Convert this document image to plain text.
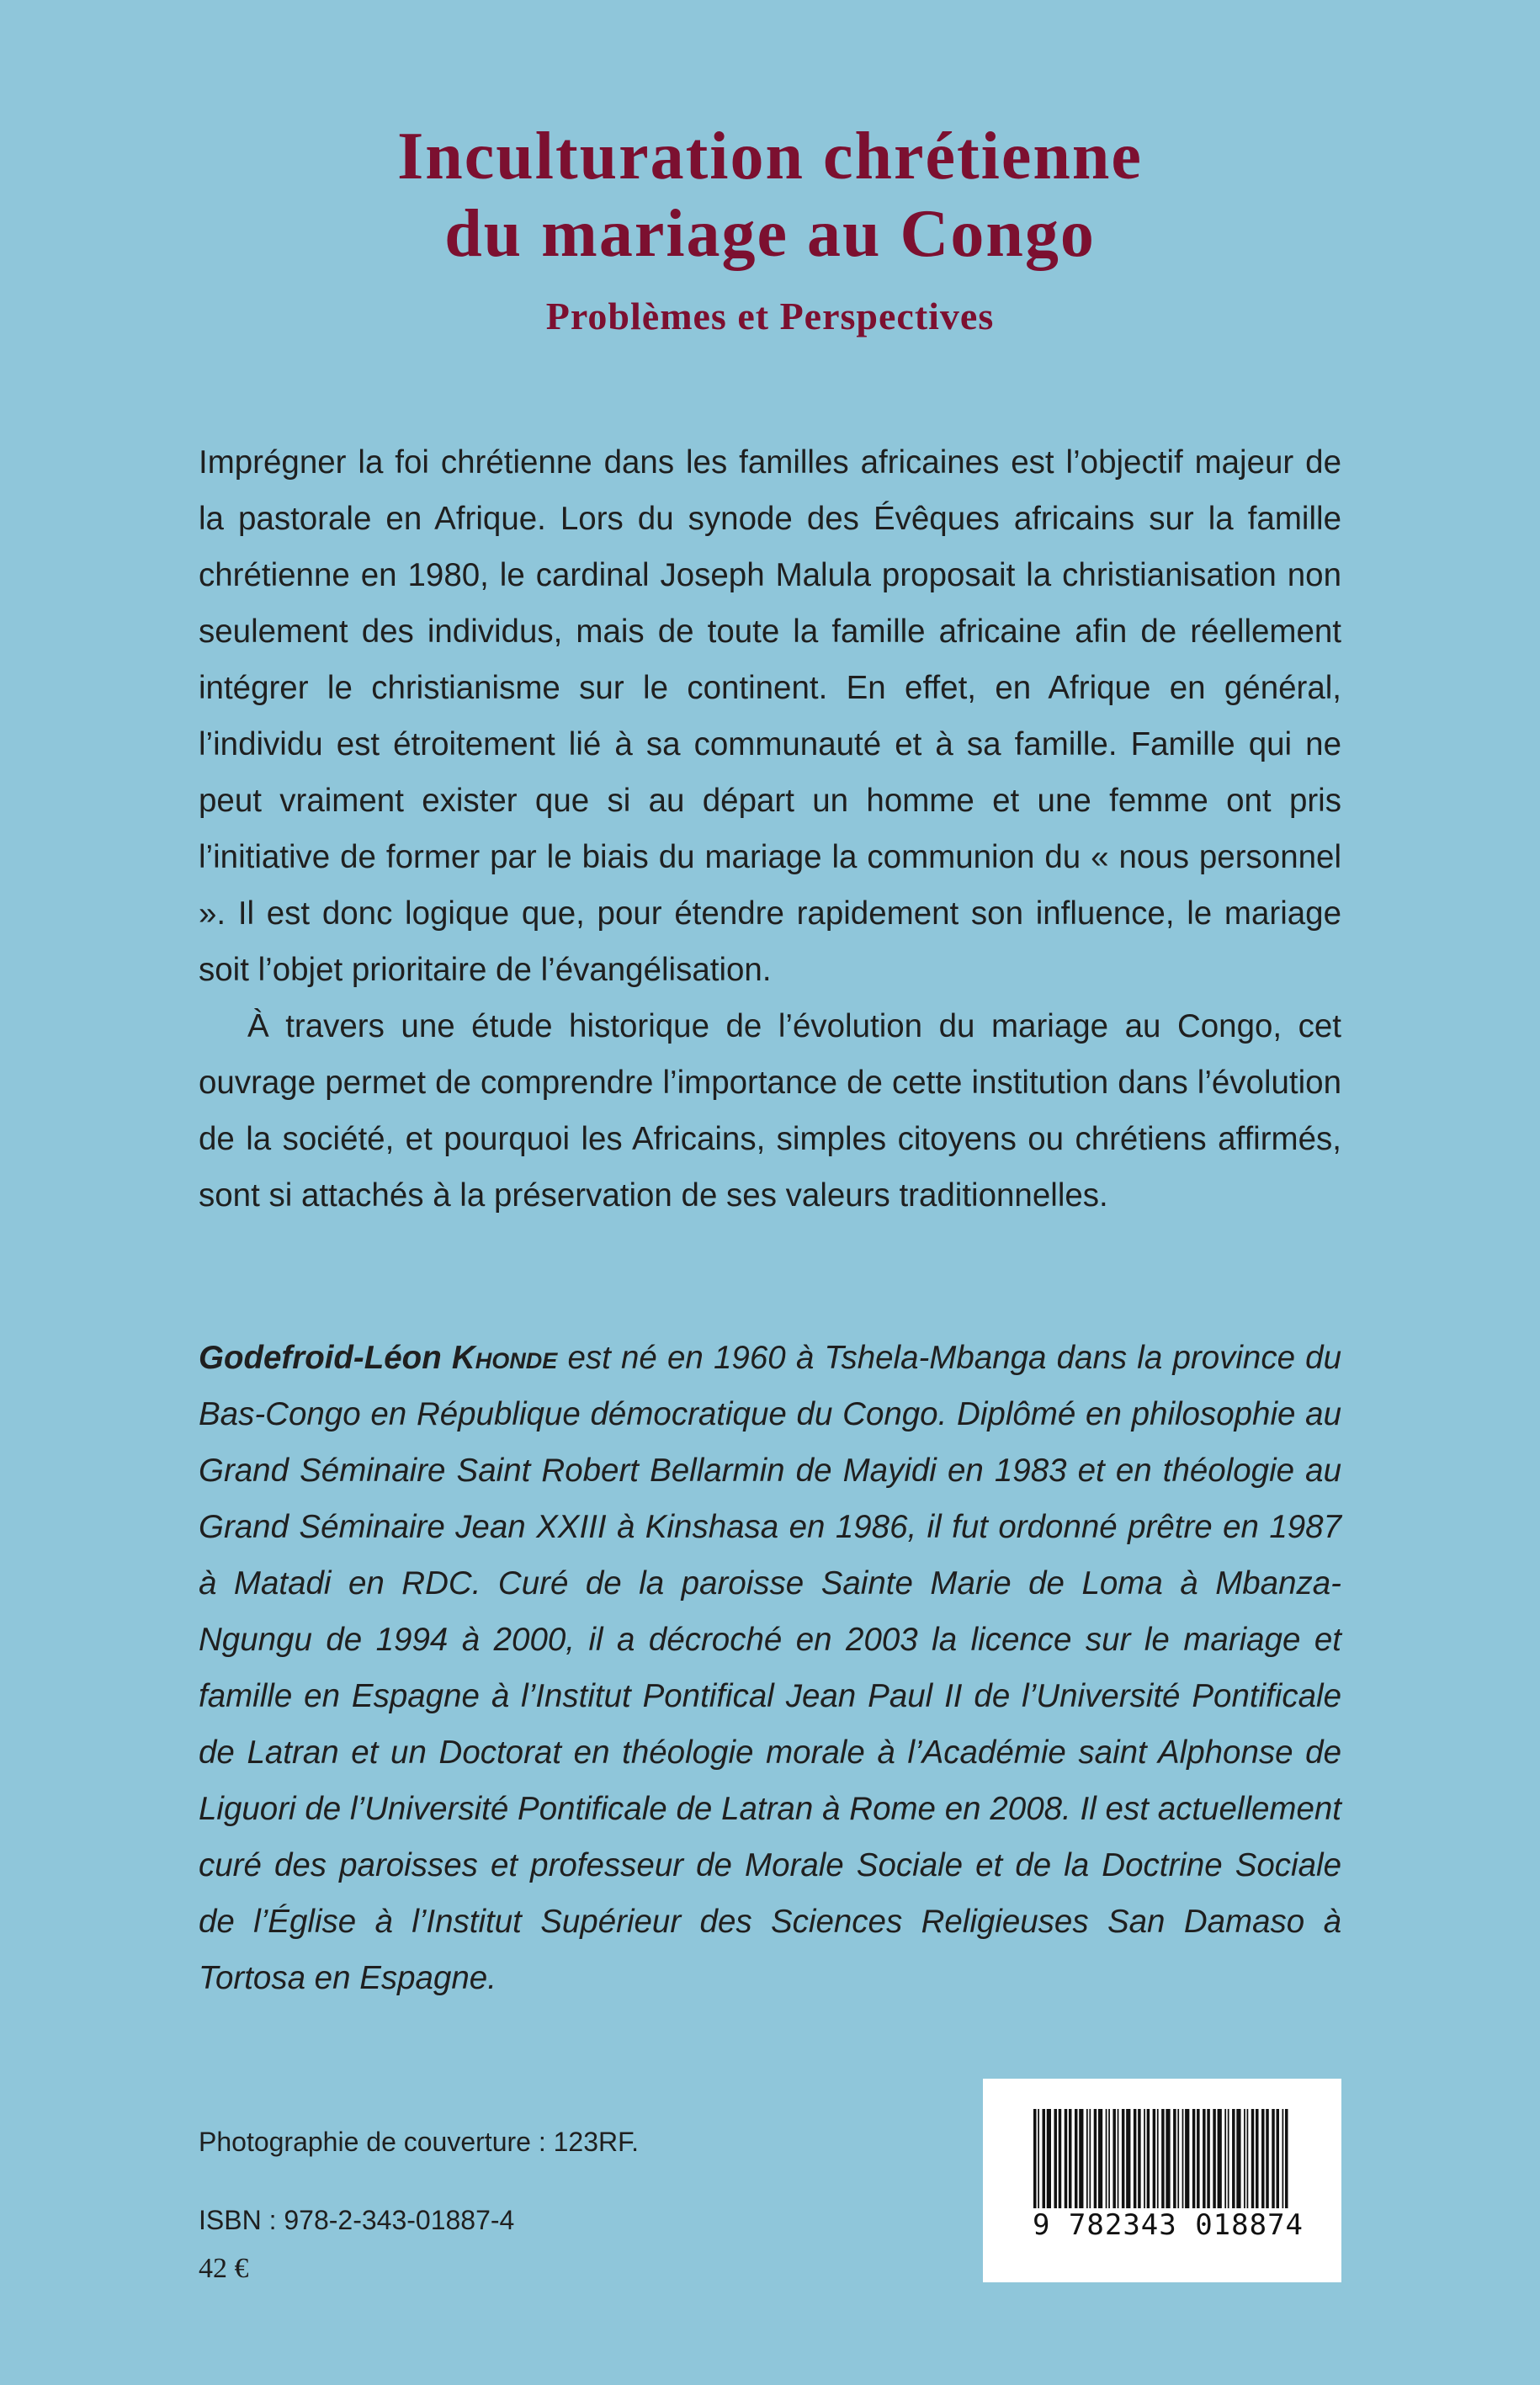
Inculturation chrétienne
du mariage au Congo
Problèmes et Perspectives

Imprégner la foi chrétienne dans les familles africaines est l’objectif majeur de la pastorale en Afrique. Lors du synode des Évêques africains sur la famille chrétienne en 1980, le cardinal Joseph Malula proposait la christianisation non seulement des individus, mais de toute la famille africaine afin de réellement intégrer le christianisme sur le continent. En effet, en Afrique en général, l’individu est étroitement lié à sa communauté et à sa famille. Famille qui ne peut vraiment exister que si au départ un homme et une femme ont pris l’initiative de former par le biais du mariage la communion du « nous personnel ». Il est donc logique que, pour étendre rapidement son influence, le mariage soit l’objet prioritaire de l’évangélisation.

À travers une étude historique de l’évolution du mariage au Congo, cet ouvrage permet de comprendre l’importance de cette institution dans l’évolution de la société, et pourquoi les Africains, simples citoyens ou chrétiens affirmés, sont si attachés à la préservation de ses valeurs traditionnelles.

Godefroid-Léon Khonde est né en 1960 à Tshela-Mbanga dans la province du Bas-Congo en République démocratique du Congo. Diplômé en philosophie au Grand Séminaire Saint Robert Bellarmin de Mayidi en 1983 et en théologie au Grand Séminaire Jean XXIII à Kinshasa en 1986, il fut ordonné prêtre en 1987 à Matadi en RDC. Curé de la paroisse Sainte Marie de Loma à Mbanza-Ngungu de 1994 à 2000, il a décroché en 2003 la licence sur le mariage et famille en Espagne à l’Institut Pontifical Jean Paul II de l’Université Pontificale de Latran et un Doctorat en théologie morale à l’Académie saint Alphonse de Liguori de l’Université Pontificale de Latran à Rome en 2008. Il est actuellement curé des paroisses et professeur de Morale Sociale et de la Doctrine Sociale de l’Église à l’Institut Supérieur des Sciences Religieuses San Damaso à Tortosa en Espagne.

Photographie de couverture : 123RF.
ISBN : 978-2-343-01887-4
42 €
9 782343 018874
